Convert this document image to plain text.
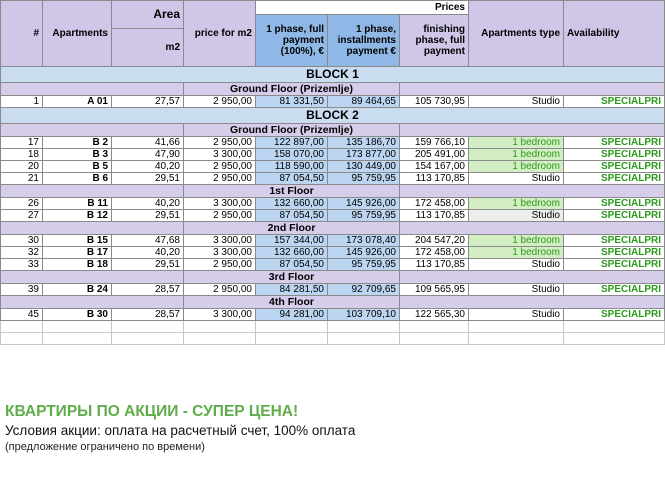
#	Apartments	Area	price for m2	Prices			Apartments type	Availability
				1 phase, full payment (100%), €	1 phase, installments payment €	finishing phase, full payment		
		m2						
BLOCK 1								
			Ground Floor (Prizemlje)					
1	A 01	27,57	2 950,00	81 331,50	89 464,65	105 730,95	Studio	SPECIALPRI
BLOCK 2								
			Ground Floor (Prizemlje)					
17	B 2	41,66	2 950,00	122 897,00	135 186,70	159 766,10	1 bedroom	SPECIALPRI
18	B 3	47,90	3 300,00	158 070,00	173 877,00	205 491,00	1 bedroom	SPECIALPRI
20	B 5	40,20	2 950,00	118 590,00	130 449,00	154 167,00	1 bedroom	SPECIALPRI
21	B 6	29,51	2 950,00	87 054,50	95 759,95	113 170,85	Studio	SPECIALPRI
			1st Floor					
26	B 11	40,20	3 300,00	132 660,00	145 926,00	172 458,00	1 bedroom	SPECIALPRI
27	B 12	29,51	2 950,00	87 054,50	95 759,95	113 170,85	Studio	SPECIALPRI
			2nd Floor					
30	B 15	47,68	3 300,00	157 344,00	173 078,40	204 547,20	1 bedroom	SPECIALPRI
32	B 17	40,20	3 300,00	132 660,00	145 926,00	172 458,00	1 bedroom	SPECIALPRI
33	B 18	29,51	2 950,00	87 054,50	95 759,95	113 170,85	Studio	SPECIALPRI
			3rd Floor					
39	B 24	28,57	2 950,00	84 281,50	92 709,65	109 565,95	Studio	SPECIALPRI
			4th Floor					
45	B 30	28,57	3 300,00	94 281,00	103 709,10	122 565,30	Studio	SPECIALPRI

КВАРТИРЫ ПО АКЦИИ - СУПЕР ЦЕНА!
Условия акции: оплата на расчетный счет, 100% оплата
(предложение ограничено по времени)
